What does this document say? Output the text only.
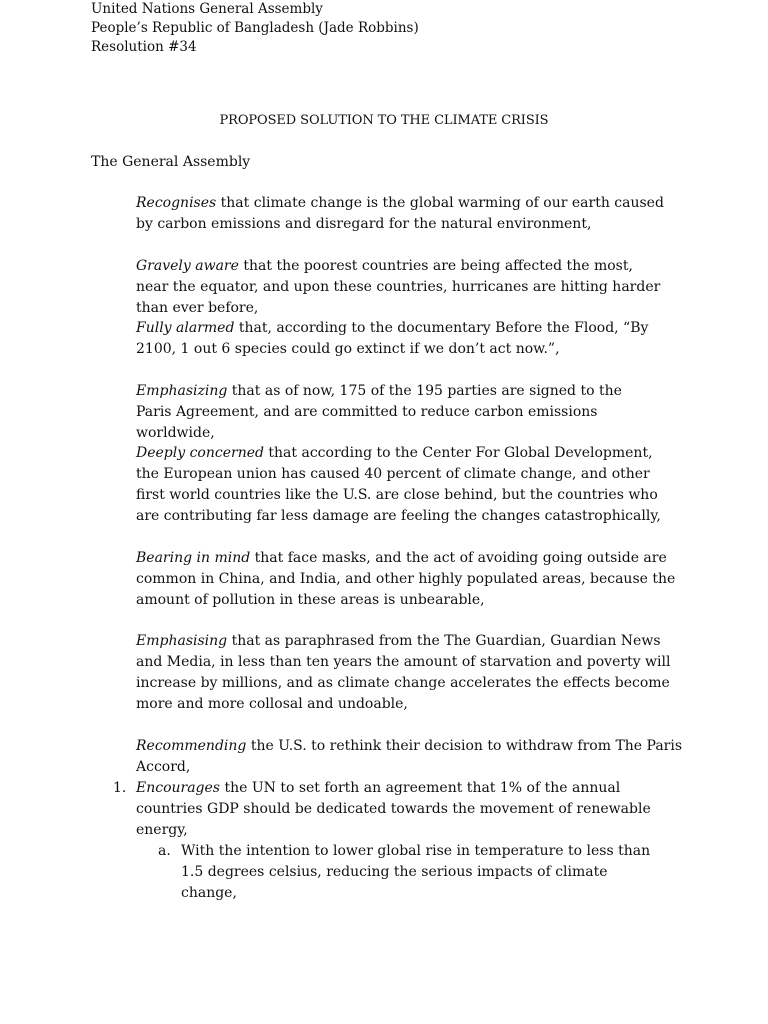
United Nations General Assembly
People’s Republic of Bangladesh (Jade Robbins)
Resolution #34
PROPOSED SOLUTION TO THE CLIMATE CRISIS
The General Assembly
Recognises that climate change is the global warming of our earth caused by carbon emissions and disregard for the natural environment,
Gravely aware that the poorest countries are being affected the most, near the equator, and upon these countries, hurricanes are hitting harder than ever before,
Fully alarmed that, according to the documentary Before the Flood, “By 2100, 1 out 6 species could go extinct if we don’t act now.”,
Emphasizing that as of now, 175 of the 195 parties are signed to the Paris Agreement, and are committed to reduce carbon emissions worldwide,
Deeply concerned that according to the Center For Global Development, the European union has caused 40 percent of climate change, and other first world countries like the U.S. are close behind, but the countries who are contributing far less damage are feeling the changes catastrophically,
Bearing in mind that face masks, and the act of avoiding going outside are common in China, and India, and other highly populated areas, because the amount of pollution in these areas is unbearable,
Emphasising that as paraphrased from the The Guardian, Guardian News and Media, in less than ten years the amount of starvation and poverty will increase by millions, and as climate change accelerates the effects become more and more collosal and undoable,
Recommending the U.S. to rethink their decision to withdraw from The Paris Accord,
1. Encourages the UN to set forth an agreement that 1% of the annual countries GDP should be dedicated towards the movement of renewable energy,
a. With the intention to lower global rise in temperature to less than 1.5 degrees celsius, reducing the serious impacts of climate change,
